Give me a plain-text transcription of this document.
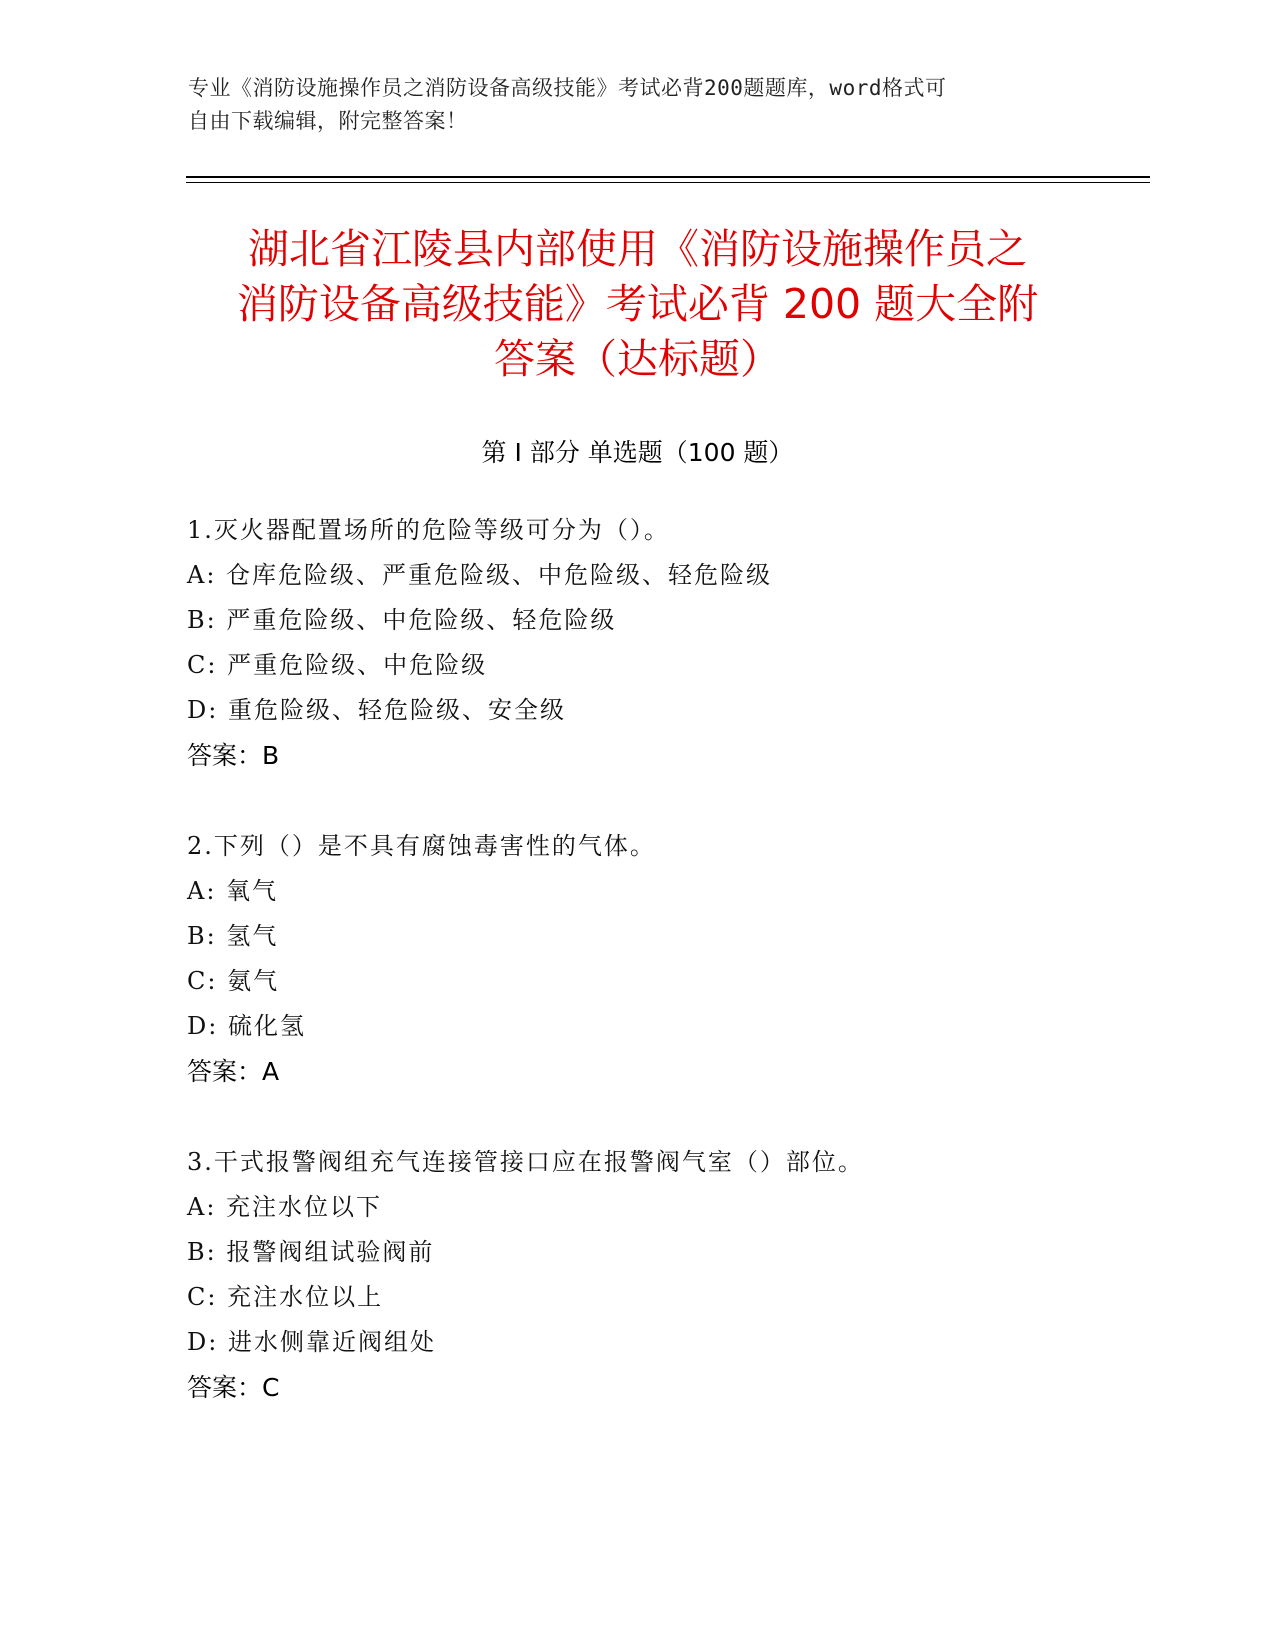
专业《消防设施操作员之消防设备高级技能》考试必背200题题库，word格式可
自由下载编辑，附完整答案！
湖北省江陵县内部使用《消防设施操作员之
消防设备高级技能》考试必背 200 题大全附
答案（达标题）
第 I 部分 单选题（100 题）
1.灭火器配置场所的危险等级可分为（）。
A: 仓库危险级、严重危险级、中危险级、轻危险级
B: 严重危险级、中危险级、轻危险级
C: 严重危险级、中危险级
D: 重危险级、轻危险级、安全级
答案：B
2.下列（）是不具有腐蚀毒害性的气体。
A: 氧气
B: 氢气
C: 氨气
D: 硫化氢
答案：A
3.干式报警阀组充气连接管接口应在报警阀气室（）部位。
A: 充注水位以下
B: 报警阀组试验阀前
C: 充注水位以上
D: 进水侧靠近阀组处
答案：C
